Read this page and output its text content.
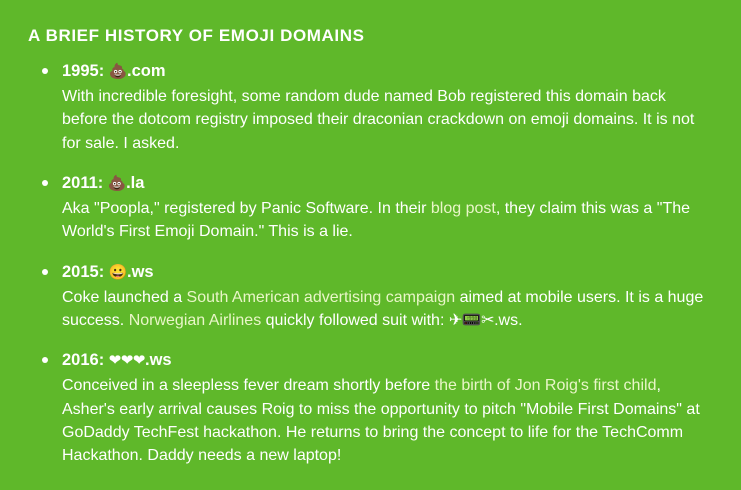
A BRIEF HISTORY OF EMOJI DOMAINS
1995: 💩.com
With incredible foresight, some random dude named Bob registered this domain back before the dotcom registry imposed their draconian crackdown on emoji domains. It is not for sale. I asked.
2011: 💩.la
Aka "Poopla," registered by Panic Software. In their blog post, they claim this was a "The World's First Emoji Domain." This is a lie.
2015: 😀.ws
Coke launched a South American advertising campaign aimed at mobile users. It is a huge success. Norwegian Airlines quickly followed suit with: ✈📟✂.ws.
2016: ❤❤❤.ws
Conceived in a sleepless fever dream shortly before the birth of Jon Roig's first child, Asher's early arrival causes Roig to miss the opportunity to pitch "Mobile First Domains" at GoDaddy TechFest hackathon. He returns to bring the concept to life for the TechComm Hackathon. Daddy needs a new laptop!
